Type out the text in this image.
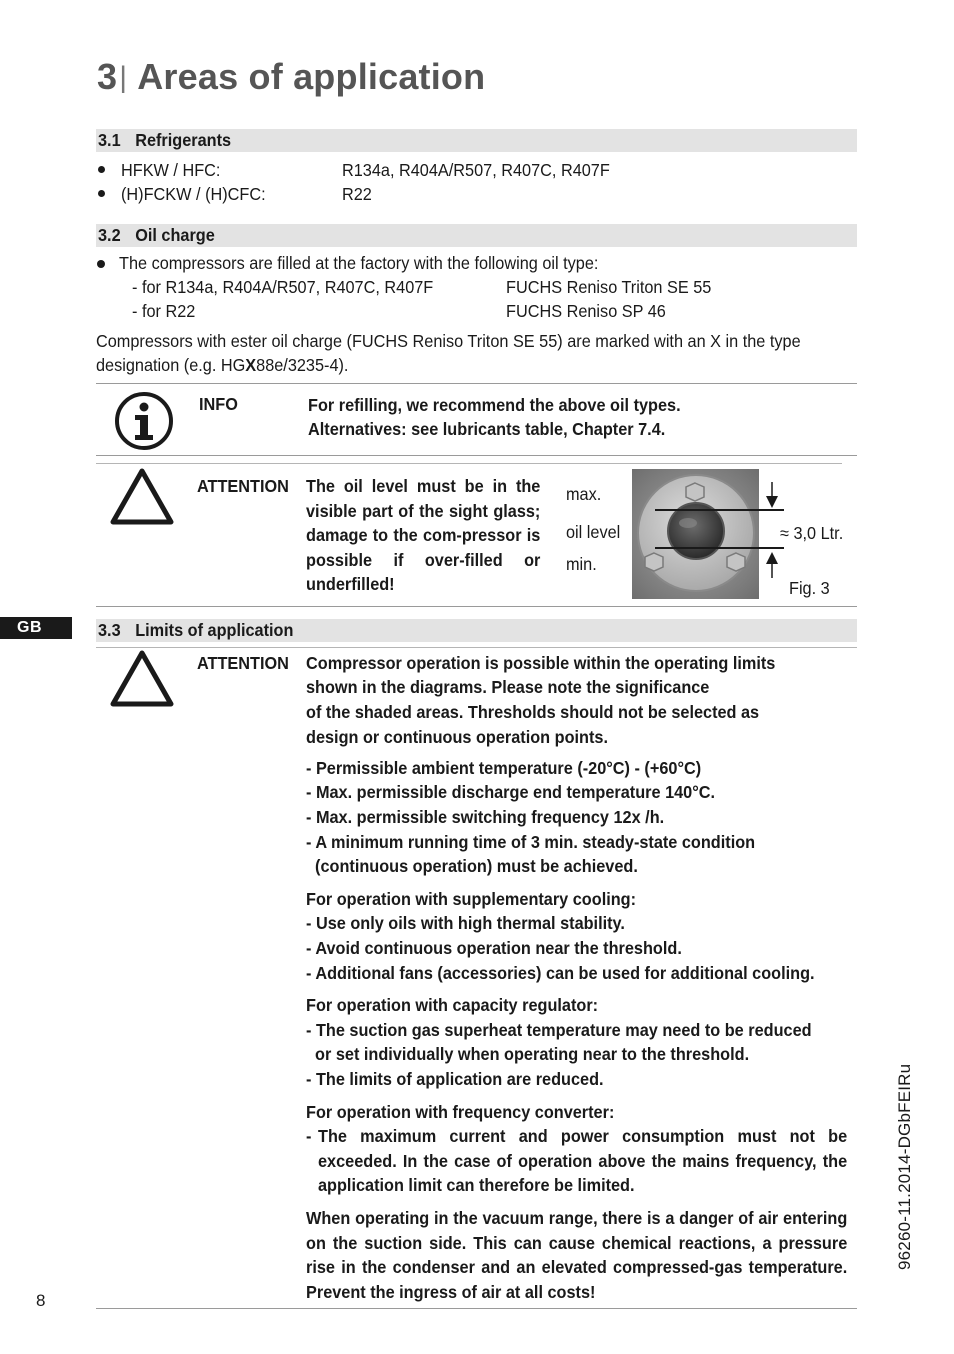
3| Areas of application
3.1 Refrigerants
HFKW / HFC:	R134a, R404A/R507, R407C, R407F
(H)FCKW / (H)CFC:	R22
3.2 Oil charge
The compressors are filled at the factory with the following oil type:
- for R134a, R404A/R507, R407C, R407F	FUCHS Reniso Triton SE 55
- for R22	FUCHS Reniso SP 46
Compressors with ester oil charge (FUCHS Reniso Triton SE 55) are marked with an X in the type
designation (e.g. HGX88e/3235-4).
INFO	For refilling, we recommend the above oil types.
Alternatives: see lubricants table, Chapter 7.4.
ATTENTION The oil level must be in the visible part of the sight glass; damage to the com-pressor is possible if over-filled or underfilled!
max.
oil level
min.
≈ 3,0 Ltr.
Fig. 3
GB	3.3 Limits of application
ATTENTION Compressor operation is possible within the operating limits
shown in the diagrams. Please note the significance
of the shaded areas. Thresholds should not be selected as
design or continuous operation points.
- Permissible ambient temperature (-20°C) - (+60°C)
- Max. permissible discharge end temperature 140°C.
- Max. permissible switching frequency 12x /h.
- A minimum running time of 3 min. steady-state condition
(continuous operation) must be achieved.
For operation with supplementary cooling:
- Use only oils with high thermal stability.
- Avoid continuous operation near the threshold.
- Additional fans (accessories) can be used for additional cooling.
For operation with capacity regulator:
- The suction gas superheat temperature may need to be reduced
or set individually when operating near to the threshold.
- The limits of application are reduced.
For operation with frequency converter:
- The maximum current and power consumption must not be exceeded. In the case of operation above the mains frequency, the application limit can therefore be limited.
When operating in the vacuum range, there is a danger of air entering on the suction side. This can cause chemical reactions, a pressure rise in the condenser and an elevated compressed-gas temperature. Prevent the ingress of air at all costs!
8
96260-11.2014-DGbFEIRu
